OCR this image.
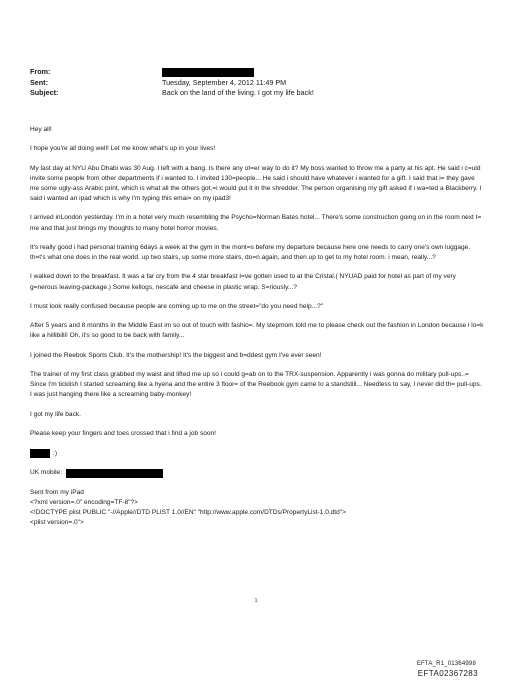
From:
Sent:	Tuesday, September 4, 2012 11:49 PM
Subject:	Back on the land of the living. I got my life back!

Hey all!

I hope you're all doing well! Let me know what's up in your lives!

My last day at NYU Abu Dhabi was 30 Aug. I left with a bang. Is there any ot=er way to do it? My boss wanted to throw me a party at his apt. He said i c=uld invite some people from other departments if i wanted to. I invited 130=people... He said i should have whatever i wanted for a gift. I said that i= they gave me some ugly-ass Arabic print, which is what all the others got,=i would put it in the shredder. The person organising my gift asked if i wa=ted a Blackberry. I said i wanted an ipad which is why I'm typing this emai= on my ipad3!

I arrived inLondon yesterday. I'm in a hotel very much resembling the Psycho=Norman Bates hotel... There's some construction going on in the room next t= me and that just brings my thoughts to many hotel horror movies.

It's really good i had personal training 6days a week at the gym in the mont=s before my departure because here one needs to carry one's own luggage. th=t's what one does in the real world. up two stairs, up some more stairs, do=n again, and then up to get to my hotel room. i mean, really...?

I walked down to the breakfast. It was a far cry from the 4 star breakfast I=ve gotten used to at the Cristal.( NYUAD paid for hotel as part of my very g=nerous leaving-package.) Some kellogs, nescafe and cheese in plastic wrap. S=riously...?

I must look really confused because people are coming up to me on the street="do you need help...?"

After 5 years and 8 months in the Middle East im so out of touch with fashio=. My stepmom told me to please check out the fashion in London because i lo=k like a hillibilli! Oh, it's so good to be back with family...

I joined the Reebok Sports Club. It's the mothership! It's the biggest and b=ddest gym I've ever seen!

The trainer of my first class grabbed my waist and lifted me up so i could g=ab on to the TRX-suspension. Apparently i was gonna do military pull-ups..= Since I'm ticklish I started screaming like a hyena and the entire 3 floor= of the Reebook gym came to a standstill... Needless to say, I never did th= pull-ups. I was just hanging there like a screaming baby-monkey!

I got my life back.

Please keep your fingers and toes crossed that i find a job soon!

:)
UK mobile:
Sent from my iPad
<?xml version=.0" encoding=TF-8"?>
<!DOCTYPE plist PUBLIC "-//Apple//DTD PLIST 1.0//EN" "http://www.apple.com/DTDs/PropertyList-1.0.dtd">
<plist version=.0">
1
EFTA_R1_01364998
EFTA02367283
